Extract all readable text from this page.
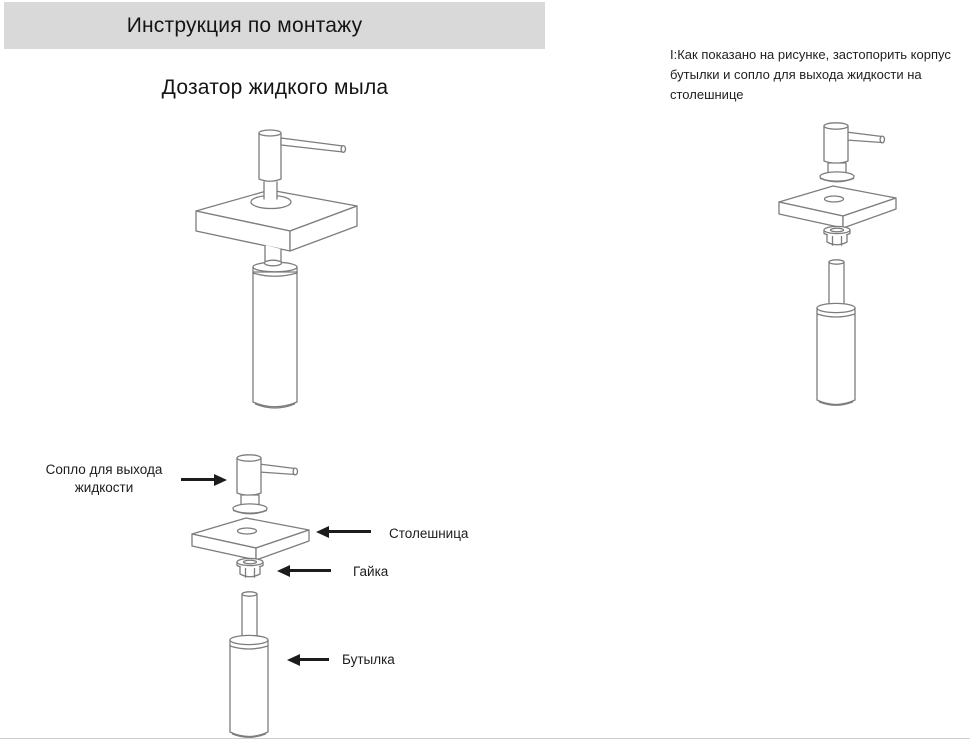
Инструкция по монтажу
Дозатор жидкого мыла

I:Как показано на рисунке, застопорить корпус бутылки и сопло для выхода жидкости на столешнице

Сопло для выхода жидкости
Столешница
Гайка
Бутылка
